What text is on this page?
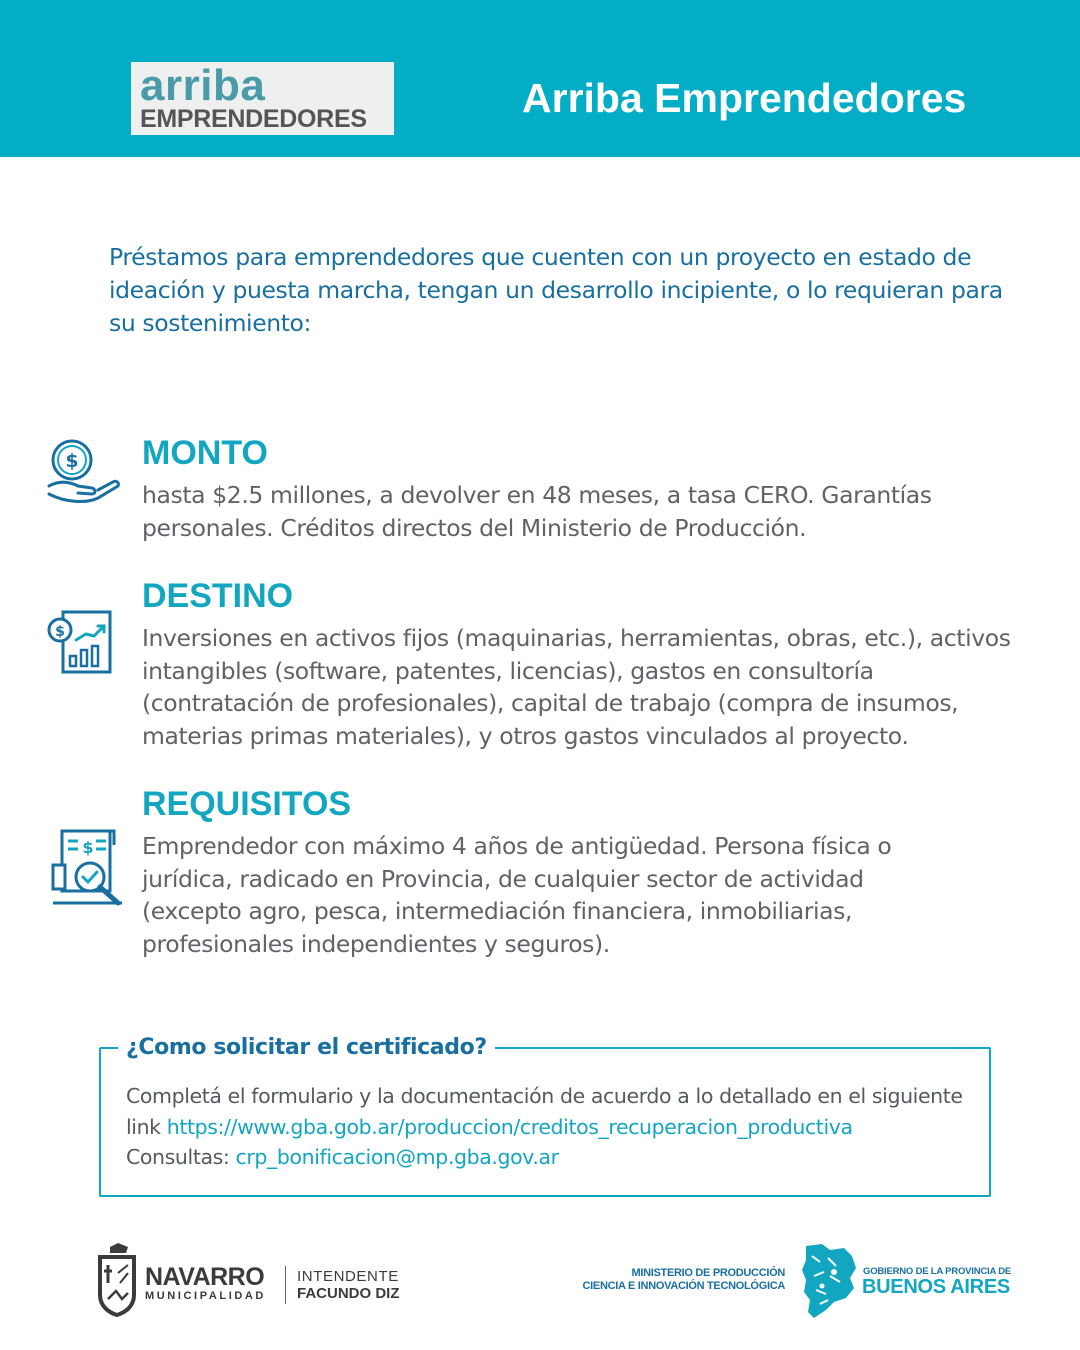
arriba
EMPRENDEDORES	Arriba Emprendedores

Préstamos para emprendedores que cuenten con un proyecto en estado de ideación y puesta marcha, tengan un desarrollo incipiente, o lo requieran para su sostenimiento:

$ MONTO

hasta $2.5 millones, a devolver en 48 meses, a tasa CERO. Garantías personales. Créditos directos del Ministerio de Producción.

$
DESTINO

Inversiones en activos fijos (maquinarias, herramientas, obras, etc.), activos intangibles (software, patentes, licencias), gastos en consultoría (contratación de profesionales), capital de trabajo (compra de insumos, materias primas materiales), y otros gastos vinculados al proyecto.

$
REQUISITOS

Emprendedor con máximo 4 años de antigüedad. Persona física o jurídica, radicado en Provincia, de cualquier sector de actividad (excepto agro, pesca, intermediación financiera, inmobiliarias, profesionales independientes y seguros).

¿Como solicitar el certificado?

Completá el formulario y la documentación de acuerdo a lo detallado en el siguiente link https://www.gba.gob.ar/produccion/creditos_recuperacion_productiva
Consultas: crp_bonificacion@mp.gba.gov.ar

NAVARRO
MUNICIPALIDAD
INTENDENTE
FACUNDO DIZ
MINISTERIO DE PRODUCCIÓN
CIENCIA E INNOVACIÓN TECNOLÓGICA
GOBIERNO DE LA PROVINCIA DE
BUENOS AIRES
